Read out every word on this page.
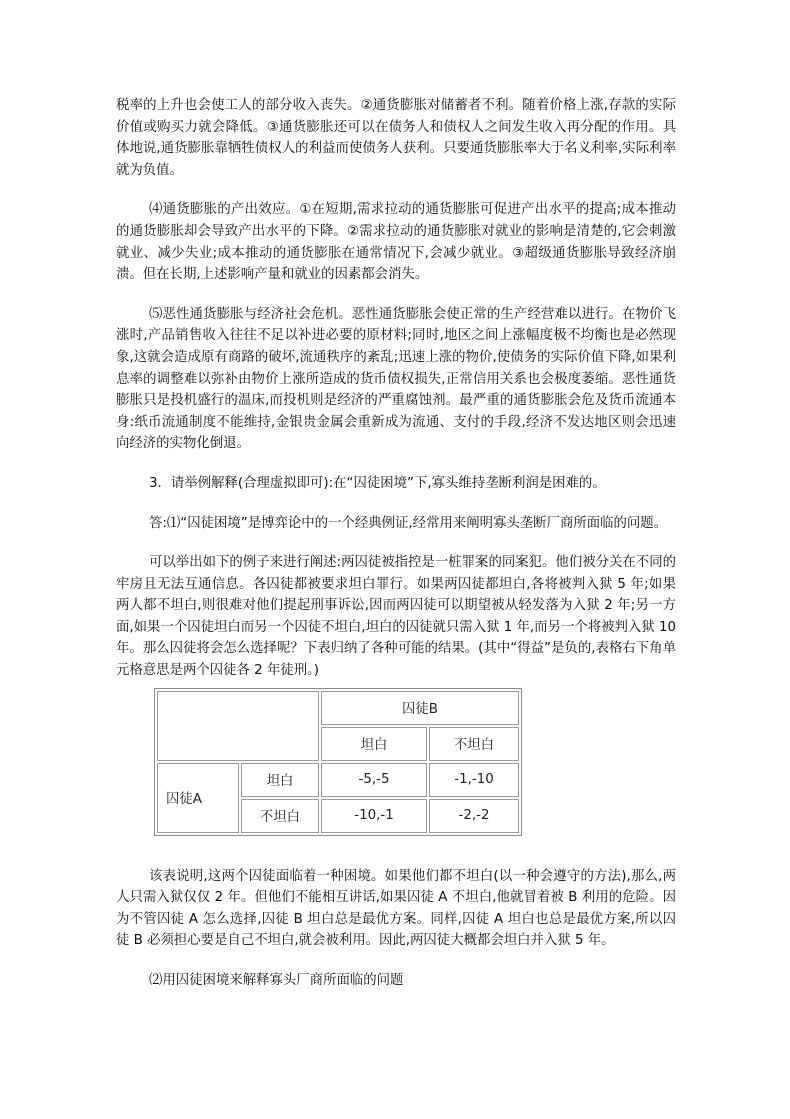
税率的上升也会使工人的部分收入丧失。②通货膨胀对储蓄者不利。随着价格上涨,存款的实际价值或购买力就会降低。③通货膨胀还可以在债务人和债权人之间发生收入再分配的作用。具体地说,通货膨胀靠牺牲债权人的利益而使债务人获利。只要通货膨胀率大于名义利率,实际利率就为负值。

⑷通货膨胀的产出效应。①在短期,需求拉动的通货膨胀可促进产出水平的提高;成本推动的通货膨胀却会导致产出水平的下降。②需求拉动的通货膨胀对就业的影响是清楚的,它会刺激就业、减少失业;成本推动的通货膨胀在通常情况下,会减少就业。③超级通货膨胀导致经济崩溃。但在长期,上述影响产量和就业的因素都会消失。

⑸恶性通货膨胀与经济社会危机。恶性通货膨胀会使正常的生产经营难以进行。在物价飞涨时,产品销售收入往往不足以补进必要的原材料;同时,地区之间上涨幅度极不均衡也是必然现象,这就会造成原有商路的破坏,流通秩序的紊乱;迅速上涨的物价,使债务的实际价值下降,如果利息率的调整难以弥补由物价上涨所造成的货币债权损失,正常信用关系也会极度萎缩。恶性通货膨胀只是投机盛行的温床,而投机则是经济的严重腐蚀剂。最严重的通货膨胀会危及货币流通本身:纸币流通制度不能维持,金银贵金属会重新成为流通、支付的手段,经济不发达地区则会迅速向经济的实物化倒退。

3．请举例解释(合理虚拟即可):在“囚徒困境”下,寡头维持垄断利润是困难的。

答:⑴“囚徒困境”是博弈论中的一个经典例证,经常用来阐明寡头垄断厂商所面临的问题。

可以举出如下的例子来进行阐述:两囚徒被指控是一桩罪案的同案犯。他们被分关在不同的牢房且无法互通信息。各囚徒都被要求坦白罪行。如果两囚徒都坦白,各将被判入狱 5 年;如果两人都不坦白,则很难对他们提起刑事诉讼,因而两囚徒可以期望被从轻发落为入狱 2 年;另一方面,如果一个囚徒坦白而另一个囚徒不坦白,坦白的囚徒就只需入狱 1 年,而另一个将被判入狱 10 年。那么囚徒将会怎么选择呢？下表归纳了各种可能的结果。(其中“得益”是负的,表格右下角单元格意思是两个囚徒各 2 年徒刑。)

		囚徒B	
		坦白	不坦白
囚徒A	坦白	-5,-5	-1,-10
	不坦白	-10,-1	-2,-2

该表说明,这两个囚徒面临着一种困境。如果他们都不坦白(以一种会遵守的方法),那么,两人只需入狱仅仅 2 年。但他们不能相互讲话,如果囚徒 A 不坦白,他就冒着被 B 利用的危险。因为不管囚徒 A 怎么选择,囚徒 B 坦白总是最优方案。同样,囚徒 A 坦白也总是最优方案,所以囚徒 B 必须担心要是自己不坦白,就会被利用。因此,两囚徒大概都会坦白并入狱 5 年。

⑵用囚徒困境来解释寡头厂商所面临的问题
